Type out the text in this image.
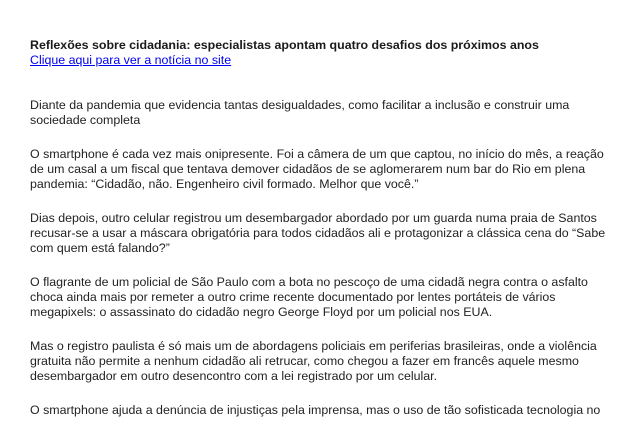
Reflexões sobre cidadania: especialistas apontam quatro desafios dos próximos anos
Clique aqui para ver a notícia no site

Diante da pandemia que evidencia tantas desigualdades, como facilitar a inclusão e construir uma
sociedade completa

O smartphone é cada vez mais onipresente. Foi a câmera de um que captou, no início do mês, a reação
de um casal a um fiscal que tentava demover cidadãos de se aglomerarem num bar do Rio em plena
pandemia: “Cidadão, não. Engenheiro civil formado. Melhor que você.”

Dias depois, outro celular registrou um desembargador abordado por um guarda numa praia de Santos
recusar-se a usar a máscara obrigatória para todos cidadãos ali e protagonizar a clássica cena do “Sabe
com quem está falando?”

O flagrante de um policial de São Paulo com a bota no pescoço de uma cidadã negra contra o asfalto
choca ainda mais por remeter a outro crime recente documentado por lentes portáteis de vários
megapixels: o assassinato do cidadão negro George Floyd por um policial nos EUA.

Mas o registro paulista é só mais um de abordagens policiais em periferias brasileiras, onde a violência
gratuita não permite a nenhum cidadão ali retrucar, como chegou a fazer em francês aquele mesmo
desembargador em outro desencontro com a lei registrado por um celular.

O smartphone ajuda a denúncia de injustiças pela imprensa, mas o uso de tão sofisticada tecnologia no
